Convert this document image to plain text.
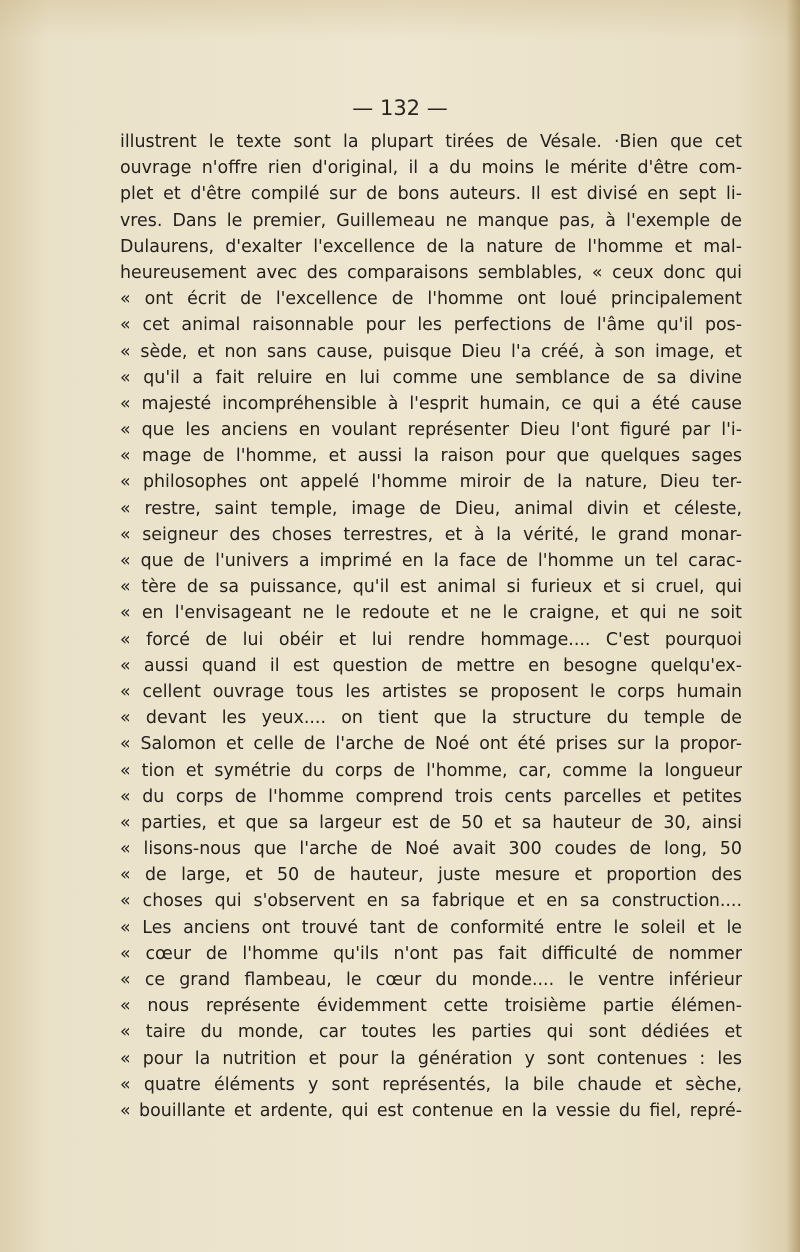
— 132 —
illustrent le texte sont la plupart tirées de Vésale. ·Bien que cet
ouvrage n'offre rien d'original, il a du moins le mérite d'être com-
plet et d'être compilé sur de bons auteurs. Il est divisé en sept li-
vres. Dans le premier, Guillemeau ne manque pas, à l'exemple de
Dulaurens, d'exalter l'excellence de la nature de l'homme et mal-
heureusement avec des comparaisons semblables, « ceux donc qui
« ont écrit de l'excellence de l'homme ont loué principalement
« cet animal raisonnable pour les perfections de l'âme qu'il pos-
« sède, et non sans cause, puisque Dieu l'a créé, à son image, et
« qu'il a fait reluire en lui comme une semblance de sa divine
« majesté incompréhensible à l'esprit humain, ce qui a été cause
« que les anciens en voulant représenter Dieu l'ont figuré par l'i-
« mage de l'homme, et aussi la raison pour que quelques sages
« philosophes ont appelé l'homme miroir de la nature, Dieu ter-
« restre, saint temple, image de Dieu, animal divin et céleste,
« seigneur des choses terrestres, et à la vérité, le grand monar-
« que de l'univers a imprimé en la face de l'homme un tel carac-
« tère de sa puissance, qu'il est animal si furieux et si cruel, qui
« en l'envisageant ne le redoute et ne le craigne, et qui ne soit
« forcé de lui obéir et lui rendre hommage.... C'est pourquoi
« aussi quand il est question de mettre en besogne quelqu'ex-
« cellent ouvrage tous les artistes se proposent le corps humain
« devant les yeux.... on tient que la structure du temple de
« Salomon et celle de l'arche de Noé ont été prises sur la propor-
« tion et symétrie du corps de l'homme, car, comme la longueur
« du corps de l'homme comprend trois cents parcelles et petites
« parties, et que sa largeur est de 50 et sa hauteur de 30, ainsi
« lisons-nous que l'arche de Noé avait 300 coudes de long, 50
« de large, et 50 de hauteur, juste mesure et proportion des
« choses qui s'observent en sa fabrique et en sa construction....
« Les anciens ont trouvé tant de conformité entre le soleil et le
« cœur de l'homme qu'ils n'ont pas fait difficulté de nommer
« ce grand flambeau, le cœur du monde.... le ventre inférieur
« nous représente évidemment cette troisième partie élémen-
« taire du monde, car toutes les parties qui sont dédiées et
« pour la nutrition et pour la génération y sont contenues : les
« quatre éléments y sont représentés, la bile chaude et sèche,
« bouillante et ardente, qui est contenue en la vessie du fiel, repré-
